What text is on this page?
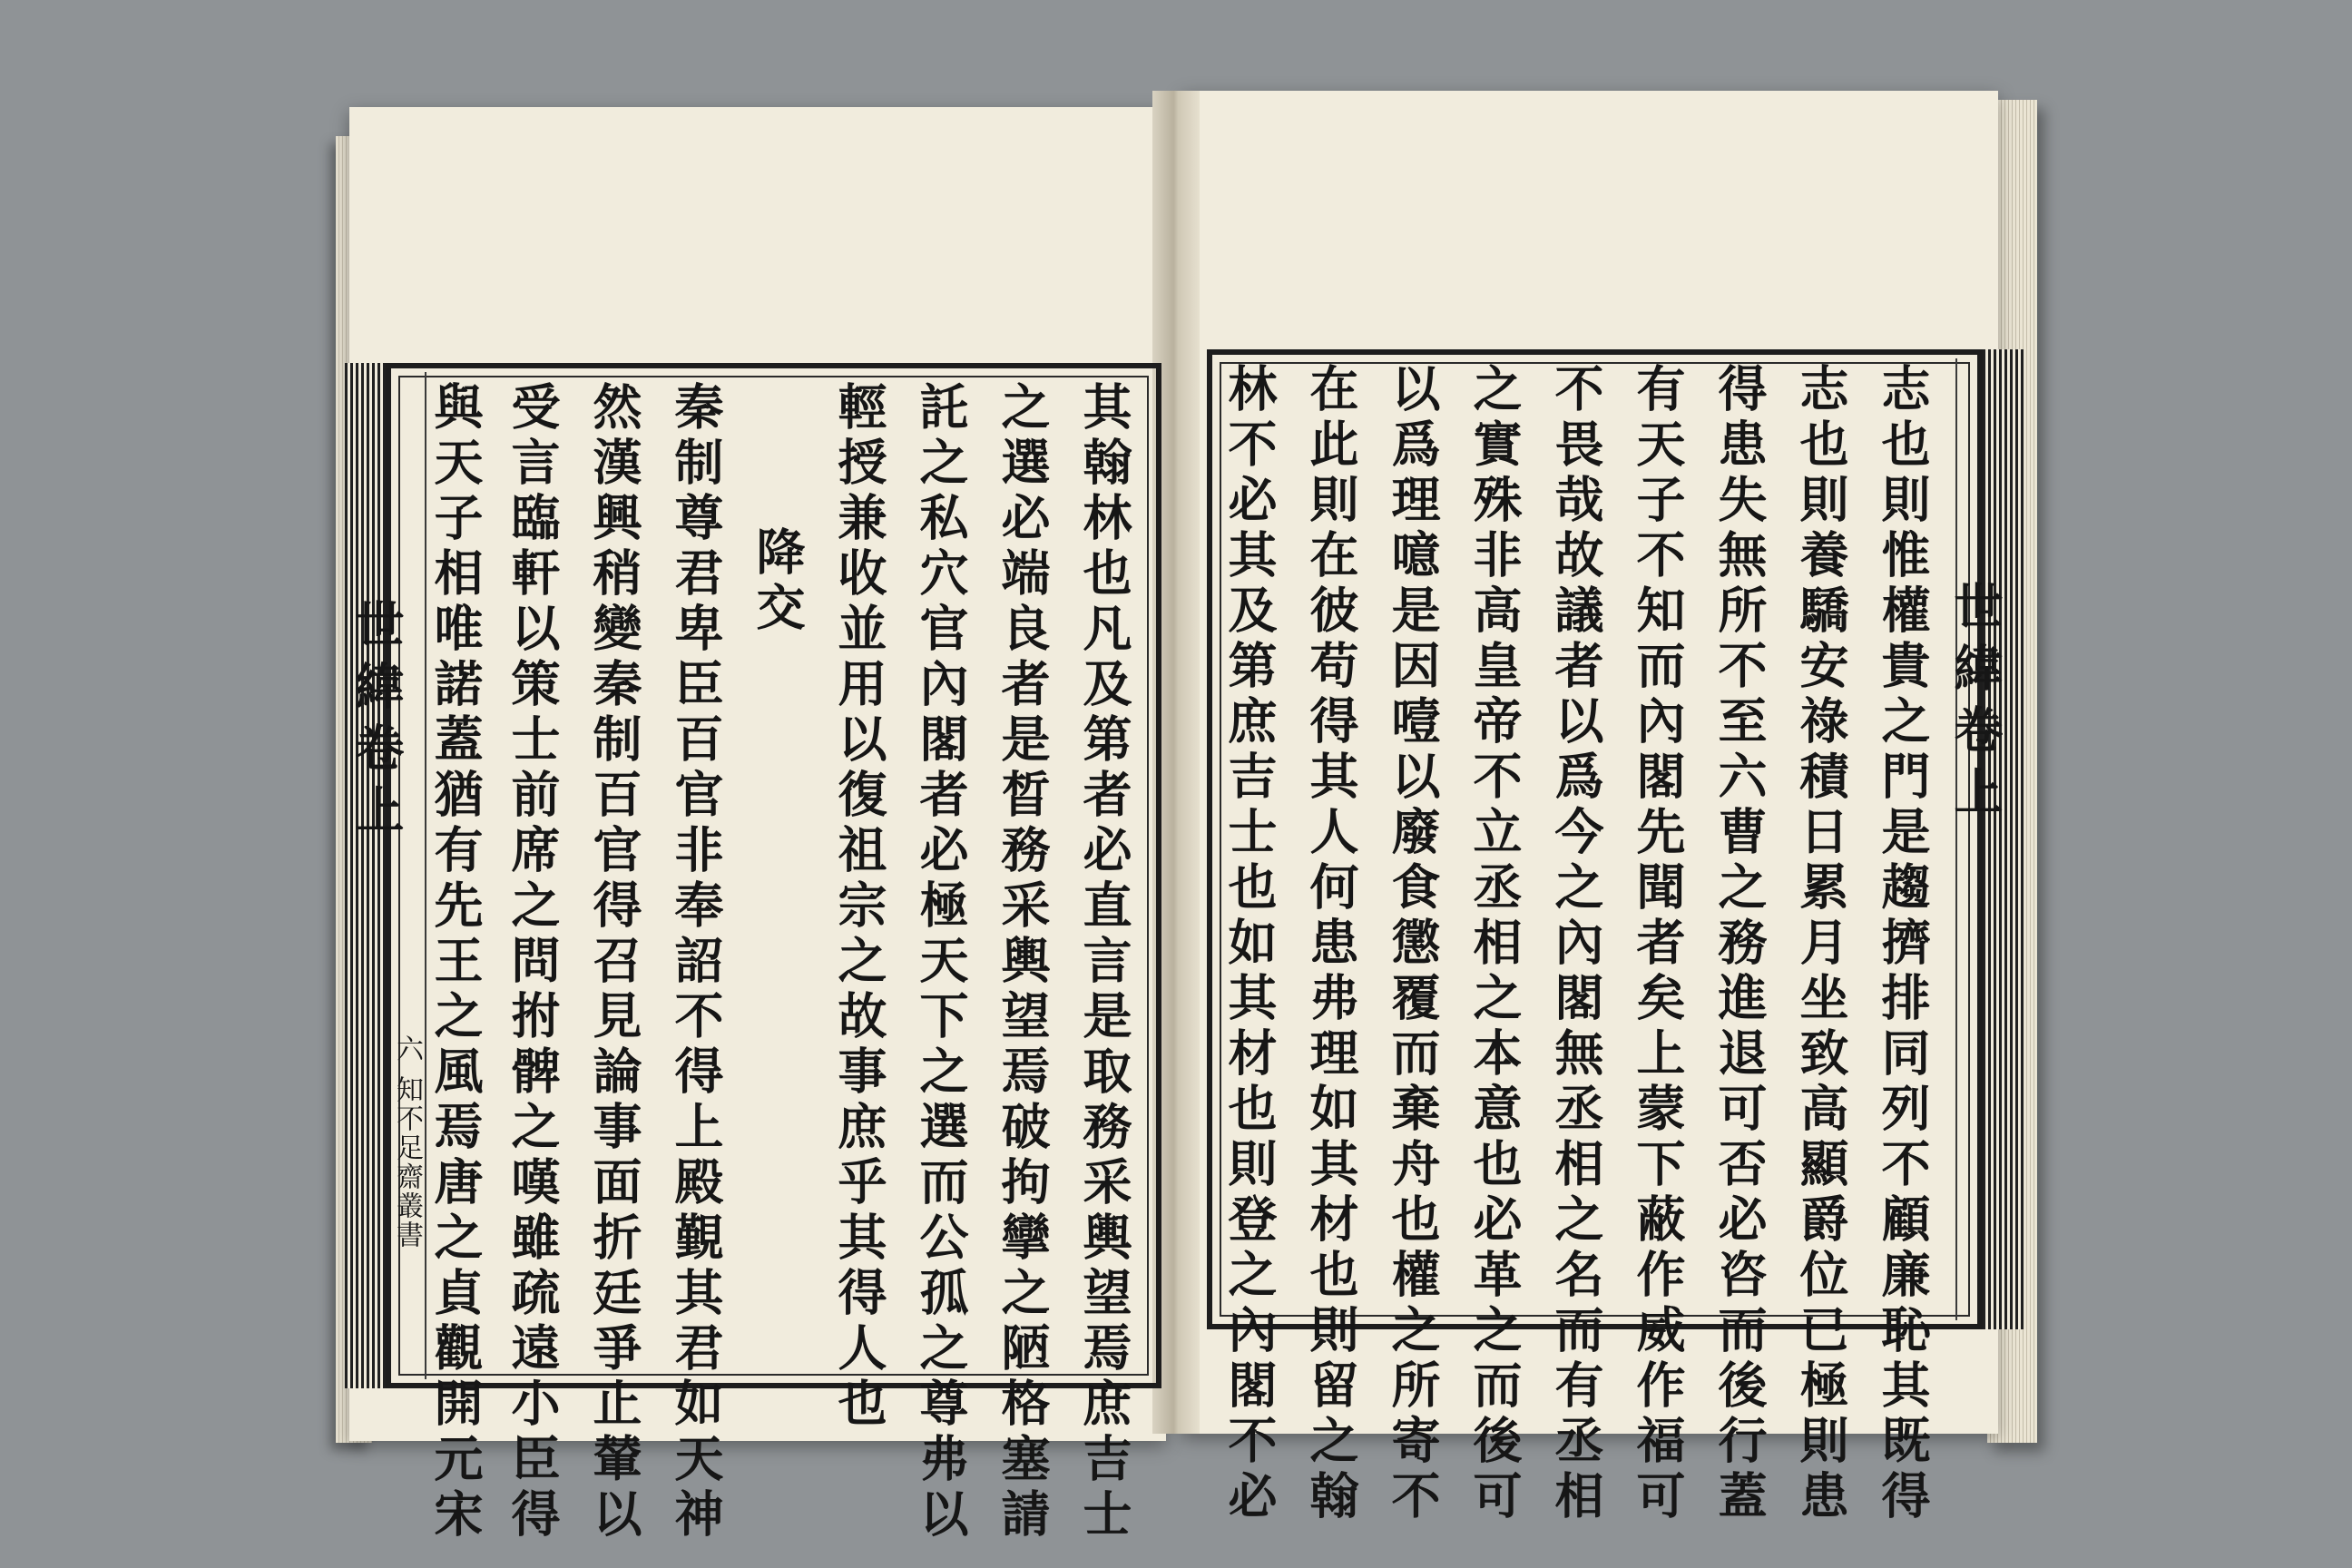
世緯卷上
六
知不足齋叢書	其翰林也凡及第者必直言是取務采輿望焉庶吉士
之選必端良者是晳務采輿望焉破拘攣之陋格塞請
託之私穴官內閣者必極天下之選而公孤之尊弗以
輕授兼收並用以復祖宗之故事庶乎其得人也
降交
秦制尊君卑臣百官非奉詔不得上殿覲其君如天神
然漢興稍變秦制百官得召見論事面折廷爭止輦以
受言臨軒以策士前席之問拊髀之嘆雖疏遠小臣得
與天子相唯諾蓋猶有先王之風焉唐之貞觀開元宋	志也則惟權貴之門是趨擠排同列不顧廉恥其既得
志也則養驕安祿積日累月坐致高顯爵位已極則患
得患失無所不至六曹之務進退可否必咨而後行蓋
有天子不知而內閣先聞者矣上蒙下蔽作威作福可
不畏哉故議者以爲今之內閣無丞相之名而有丞相
之實殊非高皇帝不立丞相之本意也必革之而後可
以爲理噫是因噎以廢食懲覆而棄舟也權之所寄不
在此則在彼苟得其人何患弗理如其材也則留之翰
林不必其及第庶吉士也如其材也則登之內閣不必	世緯卷上
